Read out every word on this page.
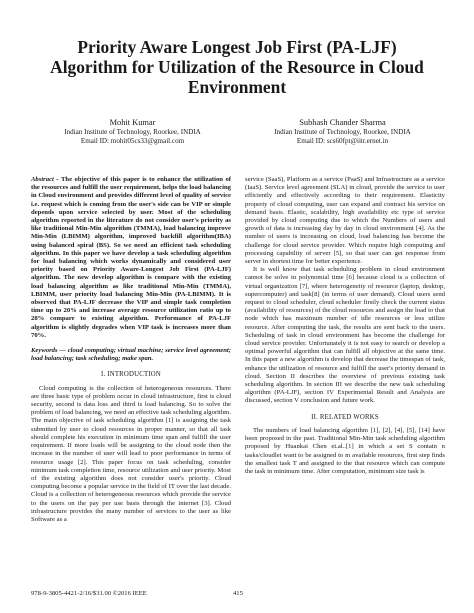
Priority Aware Longest Job First (PA-LJF)
Algorithm for Utilization of the Resource in Cloud
Environment
Mohit Kumar
Indian Institute of Technology, Roorkee, INDIA
Email ID: mohit05cs33@gmail.com
Subhash Chander Sharma
Indian Institute of Technology, Roorkee, INDIA
Email ID: scs60fpt@iitr.ernet.in

Abstract - The objective of this paper is to enhance the utilization of the resources and fulfill the user requirement, helps the load balancing in Cloud environment and provides different level of quality of service i.e. request which is coming from the user's side can be VIP or simple depends upon service selected by user. Most of the scheduling algorithm reported in the literature do not consider user's priority as like traditional Min-Min algorithm (TMMA), load balancing improve Min-Min (LBIMM) algorithm, improved backfill algorithm(IBA) using balanced spiral (BS). So we need an efficient task scheduling algorithm. In this paper we have develop a task scheduling algorithm for load balancing which works dynamically and considered user priority based on Priority Aware-Longest Job First (PA-LJF) algorithm. The new develop algorithm is compare with the existing load balancing algorithm as like traditional Min-Min (TMMA), LBIMM, user priority load balancing Min-Min (PA-LBIMM). It is observed that PA-LJF decrease the VIP and simple task completion time up to 20% and increase average resource utilization ratio up to 28% compare to existing algorithm. Performance of PA-LJF algorithm is slightly degrades when VIP task is increases more than 70%.

Keywords — cloud computing; virtual machine; service level agreement; load balancing; task scheduling; make span.

I. INTRODUCTION

Cloud computing is the collection of heterogeneous resources. There are three basic type of problem occur in cloud infrastructure, first is cloud security, second is data loss and third is load balancing. So to solve the problem of load balancing, we need an effective task scheduling algorithm. The main objective of task scheduling algorithm [1] is assigning the task submitted by user to cloud resources in proper manner, so that all task should complete his execution in minimum time span and fulfill the user requirement. If more loads will be assigning to the cloud node then the increase in the number of user will lead to poor performance in terms of resource usage [2]. This paper focus on task scheduling, consider minimum task completion time, resource utilization and user priority. Most of the existing algorithm does not consider user's priority. Cloud computing become a popular service in the field of IT over the last decade. Cloud is a collection of heterogeneous resources which provide the service to the users on the pay per use basis through the internet [3]. Cloud infrastructure provides the many number of services to the user as like Software as a

service (SaaS), Platform as a service (PaaS) and Infrastructure as a service (IaaS). Service level agreement (SLA) in cloud, provide the service to user efficiently and effectively according to their requirement. Elasticity property of cloud computing, user can expand and contract his service on demand basis. Elastic, scalability, high availability etc type of service provided by cloud computing due to which the Numbers of users and growth of data is increasing day by day in cloud environment [4]. As the number of users is increasing on cloud, load balancing has become the challenge for cloud service provider. Which require high computing and processing capability of server [5], so that user can get response from server in shortest time for better experience.

It is well know that task scheduling problem in cloud environment cannot be solve in polynomial time [6] because cloud is a collection of virtual organization [7], where heterogeneity of resource (laptop, desktop, supercomputer) and task[8] (in terms of user demand). Cloud users send request to cloud scheduler, cloud scheduler firstly check the current status (availability of resources) of the cloud resources and assign the load to that node which has maximum number of idle resources or less utilize resource. After computing the task, the results are sent back to the users. Scheduling of task in cloud environment has become the challenge for cloud service provider. Unfortunately it is not easy to search or develop a optimal powerful algorithm that can fulfill all objective at the same time. In this paper a new algorithm is develop that decrease the timespan of task, enhance the utilization of resource and fulfill the user's priority demand in cloud. Section II describes the overview of previous existing task scheduling algorithm. In section III we describe the new task scheduling algorithm (PA-LJF), section IV Experimental Result and Analysis are discussed, section V conclusion and future work.

II. RELATED WORKS

The numbers of load balancing algorithm [1], [2], [4], [5], [14] have been proposed in the past. Traditional Min-Min task scheduling algorithm proposed by Huankai Chen et.al..[1] in which a set S contain n tasks/cloudlet want to be assigned to m available resources, first step finds the smallest task T and assigned to the that resource which can compute the task in minimum time. After computation, minimum size task is

978-9-3805-4421-2/16/$31.00 ©2016 IEEE	415
